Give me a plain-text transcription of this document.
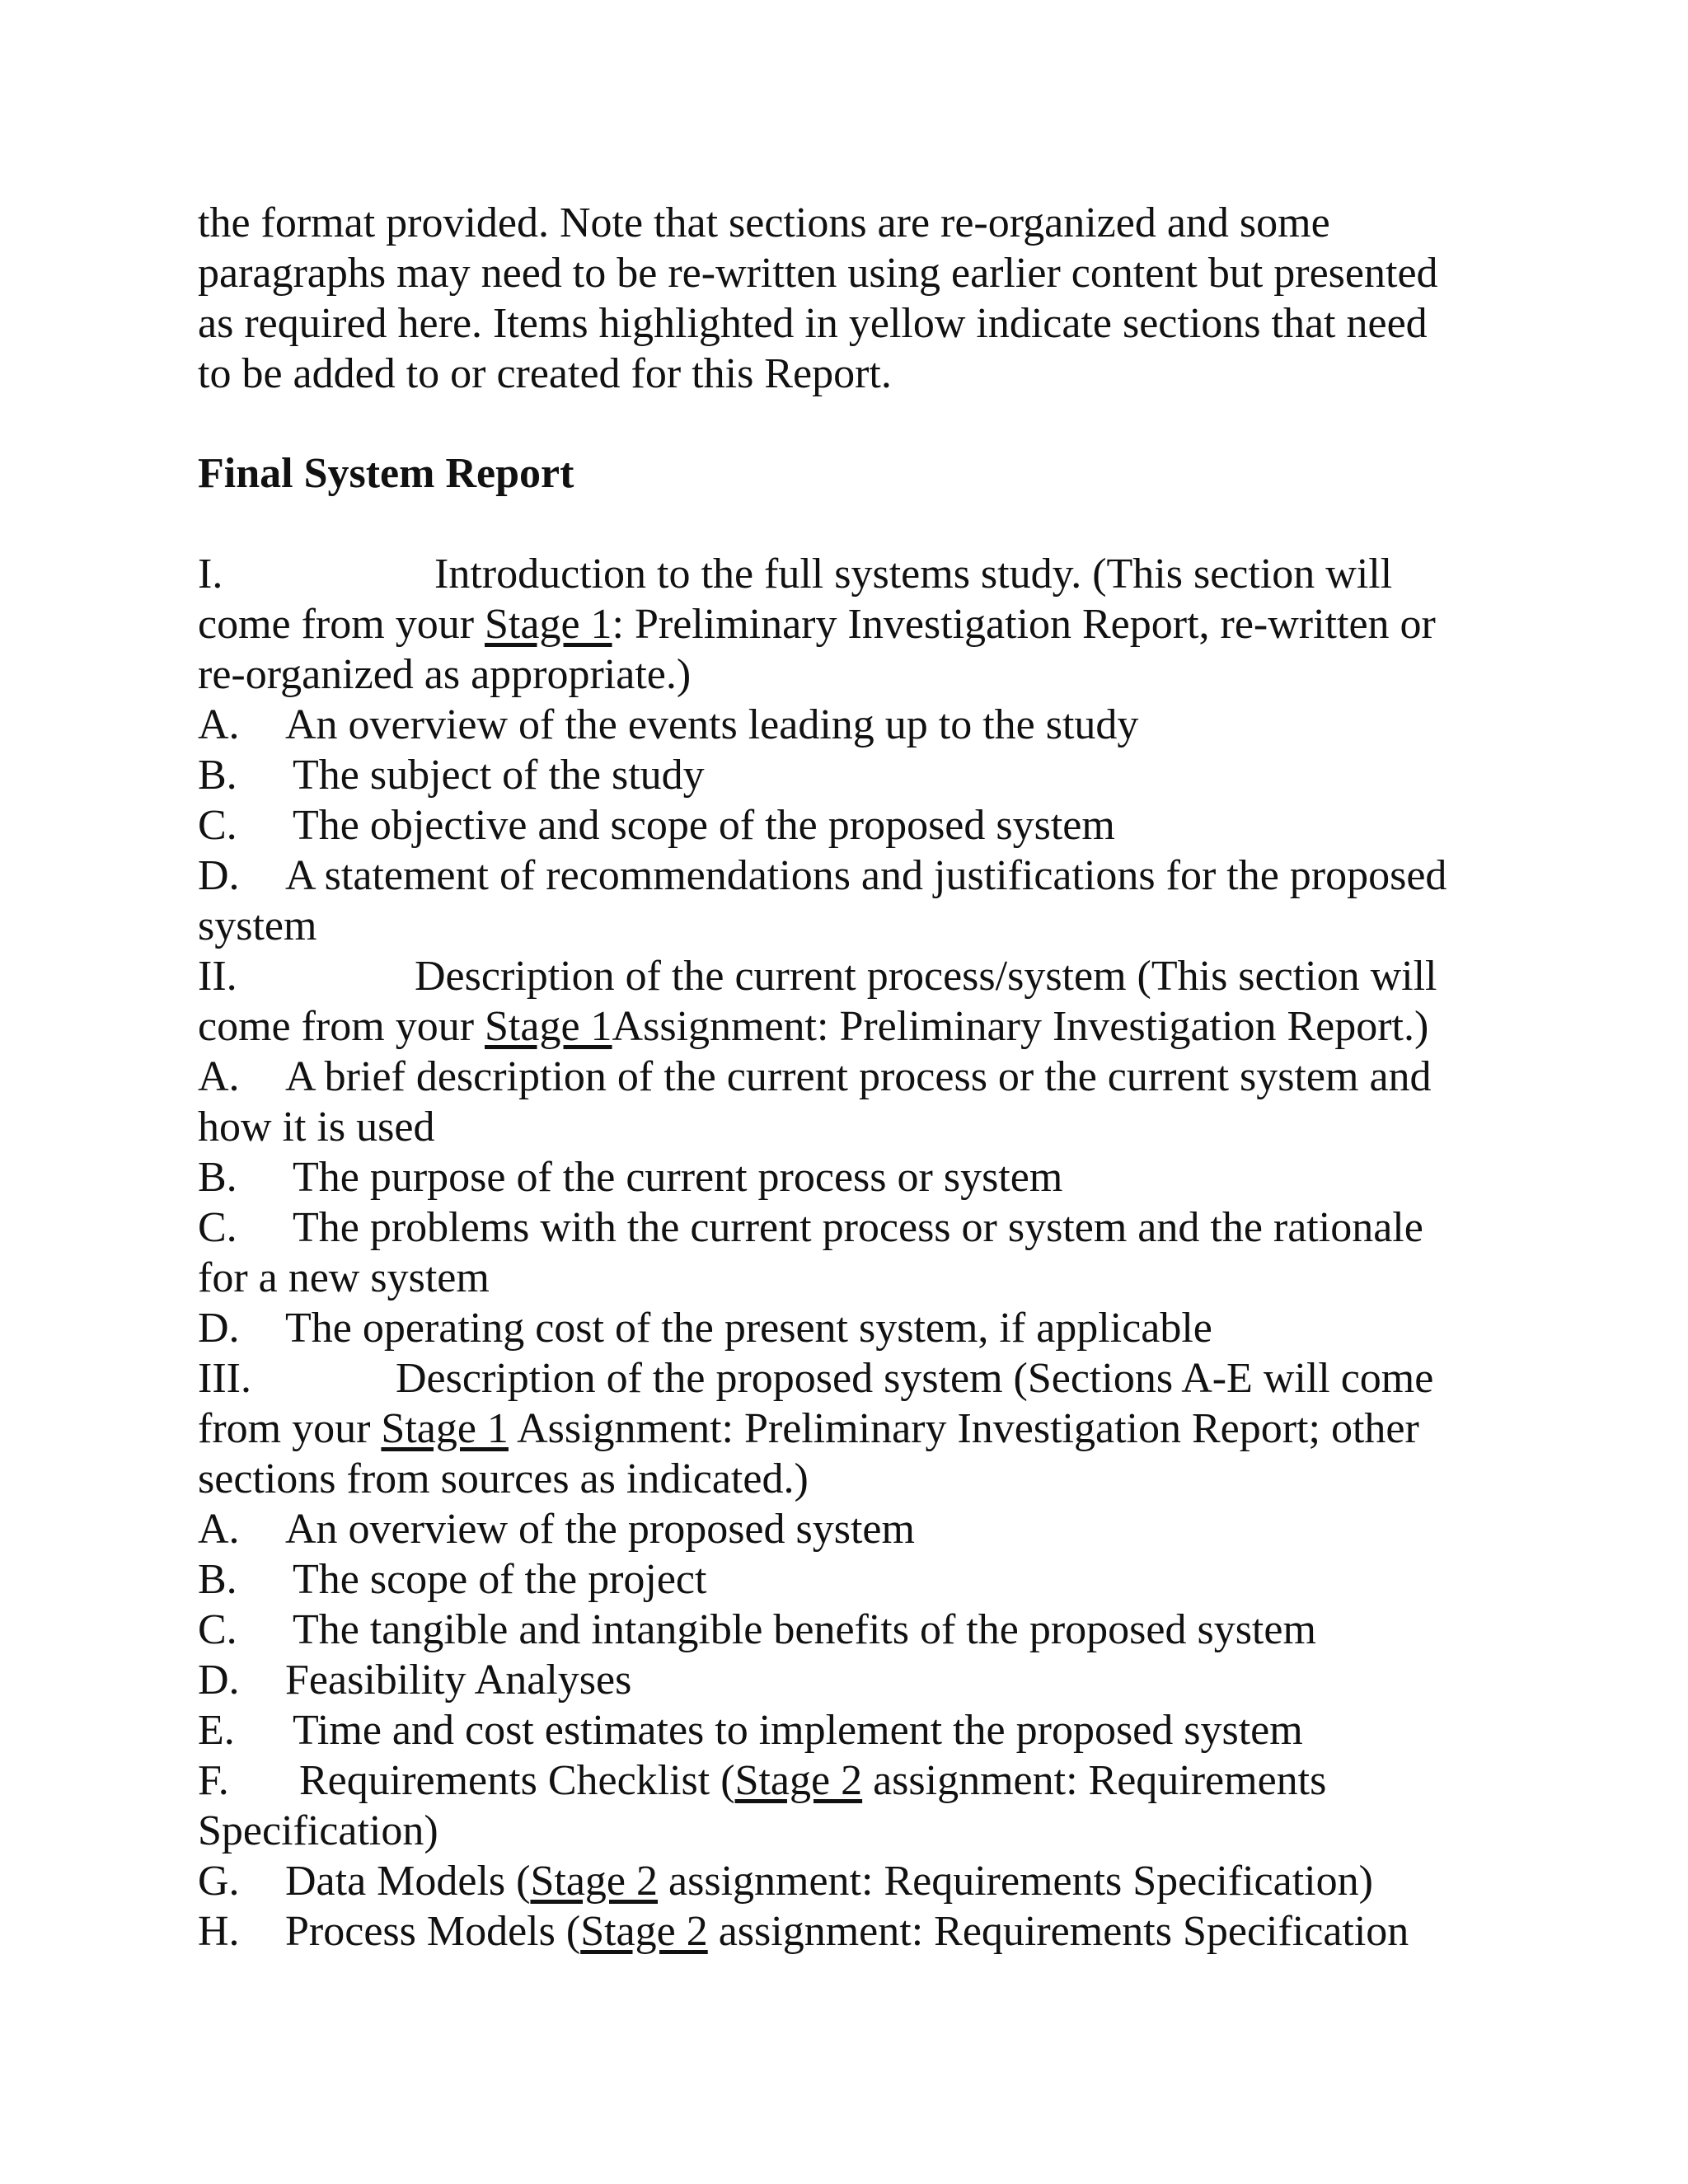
the format provided. Note that sections are re-organized and some

paragraphs may need to be re-written using earlier content but presented

as required here. Items highlighted in yellow indicate sections that need

to be added to or created for this Report.

Final System Report

I.	Introduction to the full systems study. (This section will

come from your Stage 1: Preliminary Investigation Report, re-written or

re-organized as appropriate.)

A. An overview of the events leading up to the study

B. The subject of the study

C. The objective and scope of the proposed system

D. A statement of recommendations and justifications for the proposed

system

II.	Description of the current process/system (This section will

come from your Stage 1Assignment: Preliminary Investigation Report.)

A. A brief description of the current process or the current system and

how it is used

B. The purpose of the current process or system

C. The problems with the current process or system and the rationale

for a new system

D. The operating cost of the present system, if applicable

III.	Description of the proposed system (Sections A-E will come

from your Stage 1 Assignment: Preliminary Investigation Report; other

sections from sources as indicated.)

A. An overview of the proposed system

B. The scope of the project

C. The tangible and intangible benefits of the proposed system

D. Feasibility Analyses

E. Time and cost estimates to implement the proposed system

F. Requirements Checklist (Stage 2 assignment: Requirements

Specification)

G. Data Models (Stage 2 assignment: Requirements Specification)

H. Process Models (Stage 2 assignment: Requirements Specification
